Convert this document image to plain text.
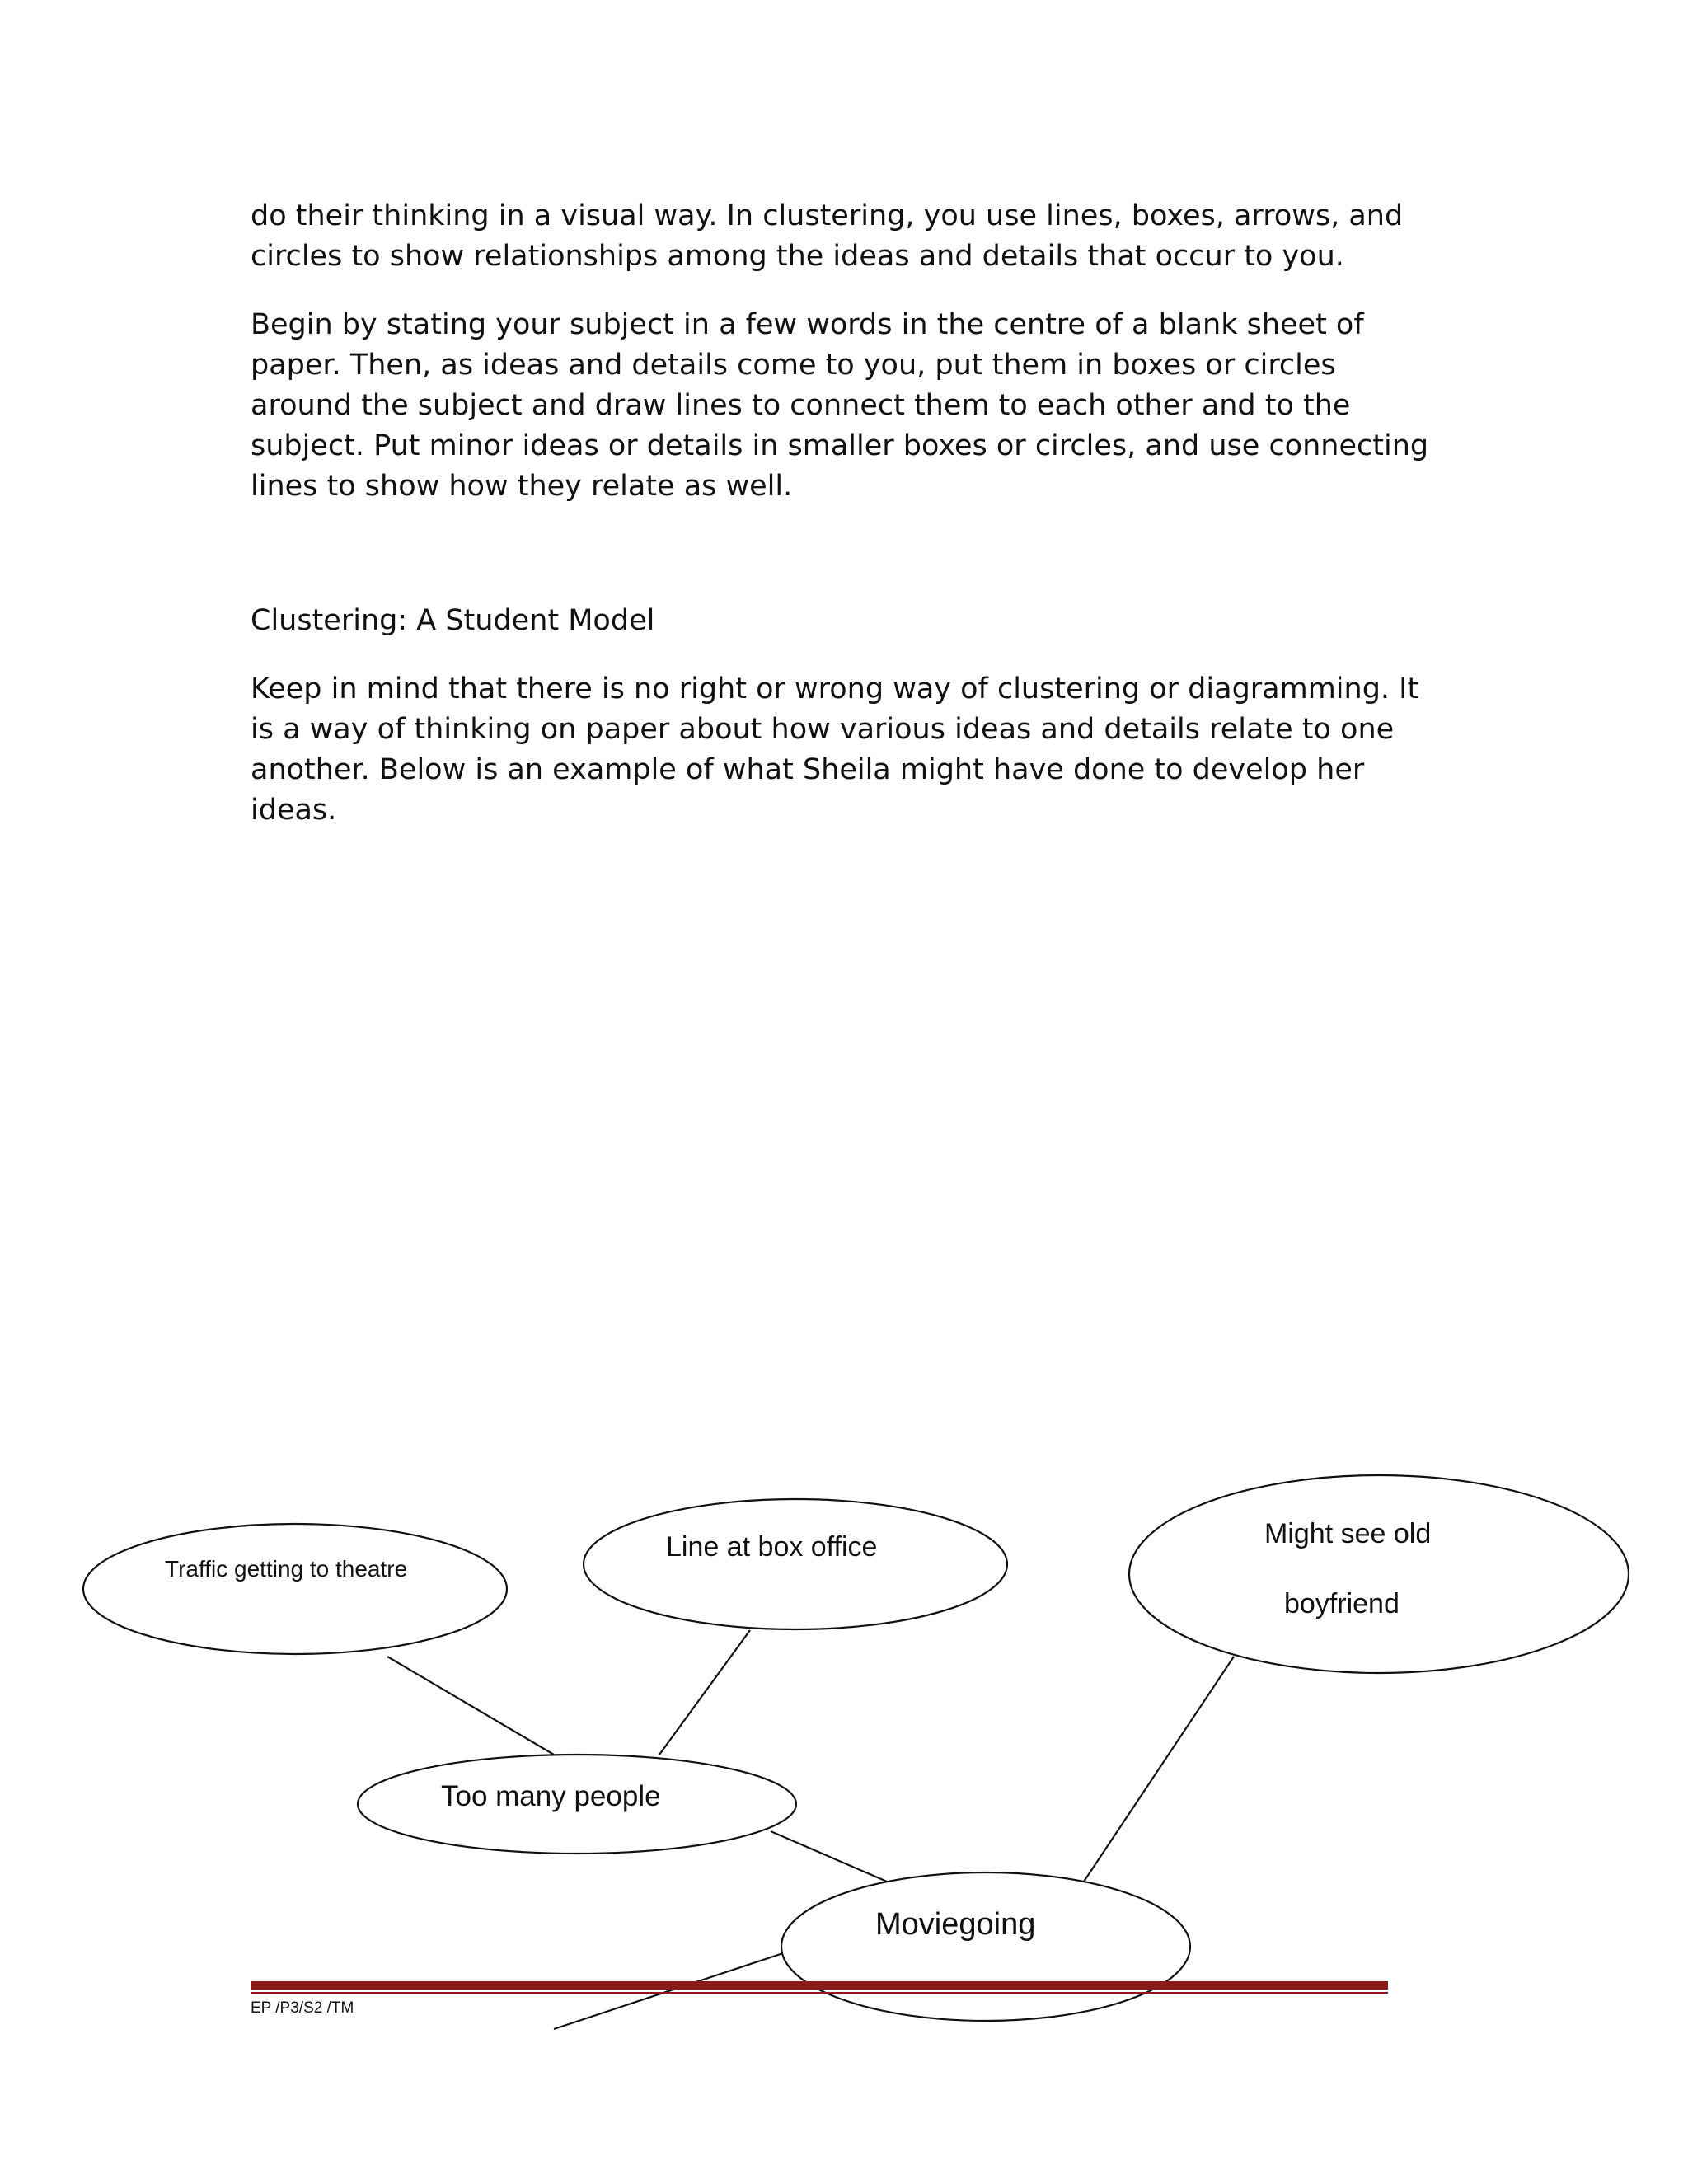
do their thinking in a visual way. In clustering, you use lines, boxes, arrows, and circles to show relationships among the ideas and details that occur to you.

Begin by stating your subject in a few words in the centre of a blank sheet of paper. Then, as ideas and details come to you, put them in boxes or circles around the subject and draw lines to connect them to each other and to the subject. Put minor ideas or details in smaller boxes or circles, and use connecting lines to show how they relate as well.

Clustering: A Student Model

Keep in mind that there is no right or wrong way of clustering or diagramming. It is a way of thinking on paper about how various ideas and details relate to one another. Below is an example of what Sheila might have done to develop her ideas.

Traffic getting to theatre
Line at box office	Might see old
boyfriend
Too many people
Moviegoing
EP /P3/S2 /TM
